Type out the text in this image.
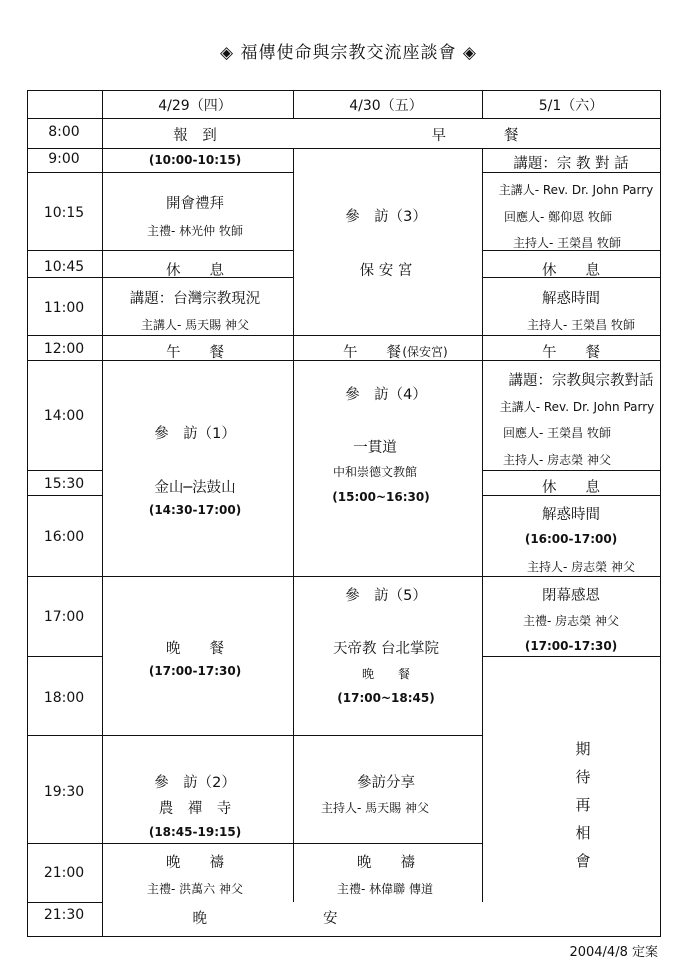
◈ 福傳使命與宗教交流座談會 ◈
4/29（四）	4/30（五）	5/1（六）
8:00
9:00
10:15
10:45
11:00
12:00
14:00
15:30
16:00
17:00
18:00
19:30
21:00
21:30
報　到
(10:00-10:15)
開會禮拜
主禮- 林光仲 牧師
休　　息
講題：台灣宗教現況
主講人- 馬天賜 神父
午　　餐
參　訪（1）
金山─法鼓山
(14:30-17:00)
晚　　餐
(17:00-17:30)
參　訪（2）
農　禪　寺
(18:45-19:15)
晚　　禱
主禮- 洪萬六 神父
早　　　　餐
參　訪（3）
保 安 宮
午　　餐 (保安宮)
參　訪（4）
一貫道
中和崇德文教館
(15:00~16:30)
參　訪（5）
天帝教 台北掌院
晚　　餐
(17:00~18:45)
參訪分享
主持人- 馬天賜 神父
晚　　禱
主禮- 林偉聯 傳道
講題：宗 教 對 話
主講人- Rev. Dr. John Parry
回應人- 鄭仰恩 牧師
主持人- 王榮昌 牧師
休　　息
解惑時間
主持人- 王榮昌 牧師
午　　餐
講題：宗教與宗教對話
主講人- Rev. Dr. John Parry
回應人- 王榮昌 牧師
主持人- 房志榮 神父
休　　息
解惑時間
(16:00-17:00)
主持人- 房志榮 神父
閉幕感恩
主禮- 房志榮 神父
(17:00-17:30)
期待再相會
晚　　　　　　　　安
2004/4/8 定案
